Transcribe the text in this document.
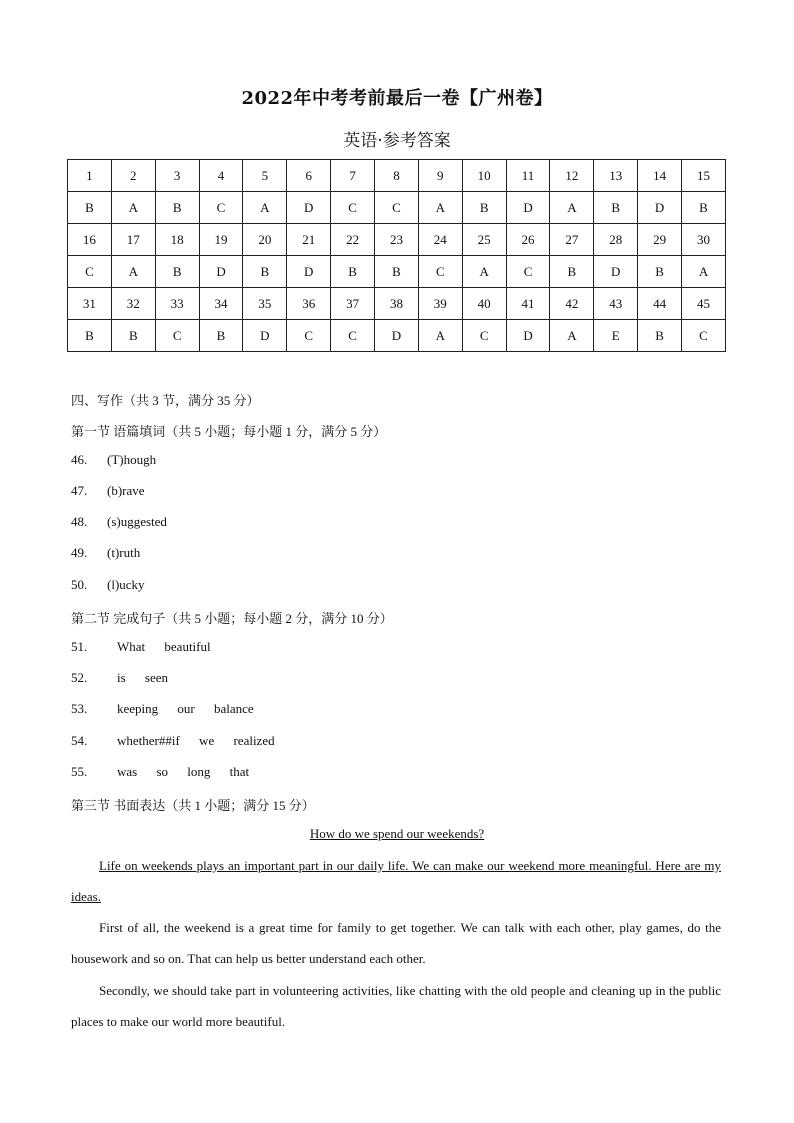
2022年中考考前最后一卷【广州卷】
英语·参考答案
1	2	3	4	5	6	7	8	9	10	11	12	13	14	15
B	A	B	C	A	D	C	C	A	B	D	A	B	D	B
16	17	18	19	20	21	22	23	24	25	26	27	28	29	30
C	A	B	D	B	D	B	B	C	A	C	B	D	B	A
31	32	33	34	35	36	37	38	39	40	41	42	43	44	45
B	B	C	B	D	C	C	D	A	C	D	A	E	B	C
四、写作（共 3 节，满分 35 分）
第一节 语篇填词（共 5 小题；每小题 1 分，满分 5 分）
46. (T)hough
47. (b)rave
48. (s)uggested
49. (t)ruth
50. (l)ucky
第二节 完成句子（共 5 小题；每小题 2 分，满分 10 分）
51. What beautiful
52. is seen
53. keeping our balance
54. whether##if we realized
55. was so long that
第三节 书面表达（共 1 小题；满分 15 分）
How do we spend our weekends?
Life on weekends plays an important part in our daily life. We can make our weekend more meaningful. Here are my ideas.
First of all, the weekend is a great time for family to get together. We can talk with each other, play games, do the housework and so on. That can help us better understand each other.
Secondly, we should take part in volunteering activities, like chatting with the old people and cleaning up in the public places to make our world more beautiful.
